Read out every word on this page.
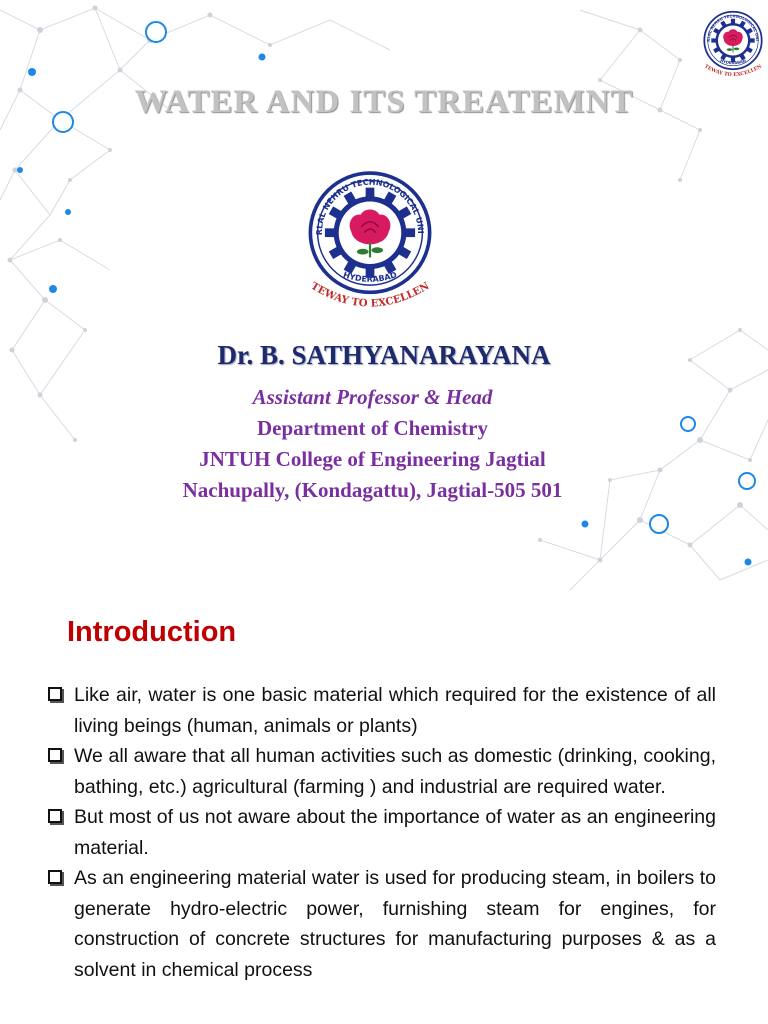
WATER AND ITS TREATEMNT
Dr. B. SATHYANARAYANA
Assistant Professor & Head
Department of Chemistry
JNTUH College of Engineering Jagtial
Nachupally, (Kondagattu), Jagtial-505 501
Introduction
Like air, water is one basic material which required for the existence of all living beings (human, animals or plants)
We all aware that all human activities such as domestic (drinking, cooking, bathing, etc.) agricultural (farming ) and industrial are required water.
But most of us not aware about the importance of water as an engineering material.
As an engineering material water is used for producing steam, in boilers to generate hydro-electric power, furnishing steam for engines, for construction of concrete structures for manufacturing purposes & as a solvent in chemical process
